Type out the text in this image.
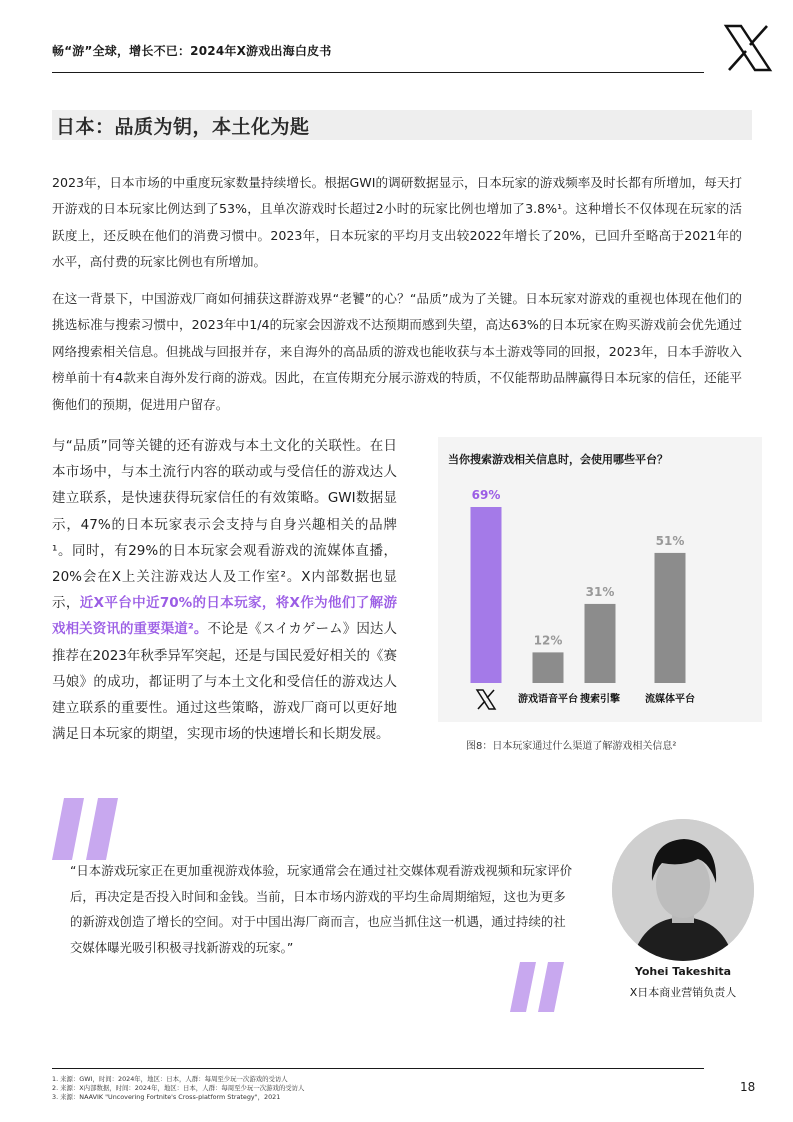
畅“游”全球，增长不已：2024年X游戏出海白皮书
日本：品质为钥，本土化为匙
2023年，日本市场的中重度玩家数量持续增长。根据GWI的调研数据显示，日本玩家的游戏频率及时长都有所增加，每天打开游戏的日本玩家比例达到了53%，且单次游戏时长超过2小时的玩家比例也增加了3.8%¹。这种增长不仅体现在玩家的活跃度上，还反映在他们的消费习惯中。2023年，日本玩家的平均月支出较2022年增长了20%，已回升至略高于2021年的水平，高付费的玩家比例也有所增加。
在这一背景下，中国游戏厂商如何捕获这群游戏界“老饕”的心？“品质”成为了关键。日本玩家对游戏的重视也体现在他们的挑选标准与搜索习惯中，2023年中1/4的玩家会因游戏不达预期而感到失望，高达63%的日本玩家在购买游戏前会优先通过网络搜索相关信息。但挑战与回报并存，来自海外的高品质的游戏也能收获与本土游戏等同的回报，2023年，日本手游收入榜单前十有4款来自海外发行商的游戏。因此，在宣传期充分展示游戏的特质，不仅能帮助品牌赢得日本玩家的信任，还能平衡他们的预期，促进用户留存。
与“品质”同等关键的还有游戏与本土文化的关联性。在日本市场中，与本土流行内容的联动或与受信任的游戏达人建立联系，是快速获得玩家信任的有效策略。GWI数据显示，47%的日本玩家表示会支持与自身兴趣相关的品牌¹。同时，有29%的日本玩家会观看游戏的流媒体直播，20%会在X上关注游戏达人及工作室²。X内部数据也显示，近X平台中近70%的日本玩家，将X作为他们了解游戏相关资讯的重要渠道²。不论是《スイカゲーム》因达人推荐在2023年秋季异军突起，还是与国民爱好相关的《赛马娘》的成功，都证明了与本土文化和受信任的游戏达人建立联系的重要性。通过这些策略，游戏厂商可以更好地满足日本玩家的期望，实现市场的快速增长和长期发展。
当你搜索游戏相关信息时，会使用哪些平台？
69%
12%
游戏语音平台
31%
搜索引擎
51%
流媒体平台
图8：日本玩家通过什么渠道了解游戏相关信息²
“日本游戏玩家正在更加重视游戏体验，玩家通常会在通过社交媒体观看游戏视频和玩家评价后，再决定是否投入时间和金钱。当前，日本市场内游戏的平均生命周期缩短，这也为更多的新游戏创造了增长的空间。对于中国出海厂商而言，也应当抓住这一机遇，通过持续的社交媒体曝光吸引积极寻找新游戏的玩家。”
Yohei Takeshita
X日本商业营销负责人
1. 来源：GWI，时间：2024年，地区：日本，人群：每周至少玩一次游戏的受访人
2. 来源：X内部数据，时间：2024年，地区：日本，人群：每周至少玩一次游戏的受访人
3. 来源：NAAVIK "Uncovering Fortnite's Cross-platform Strategy"，2021
18
